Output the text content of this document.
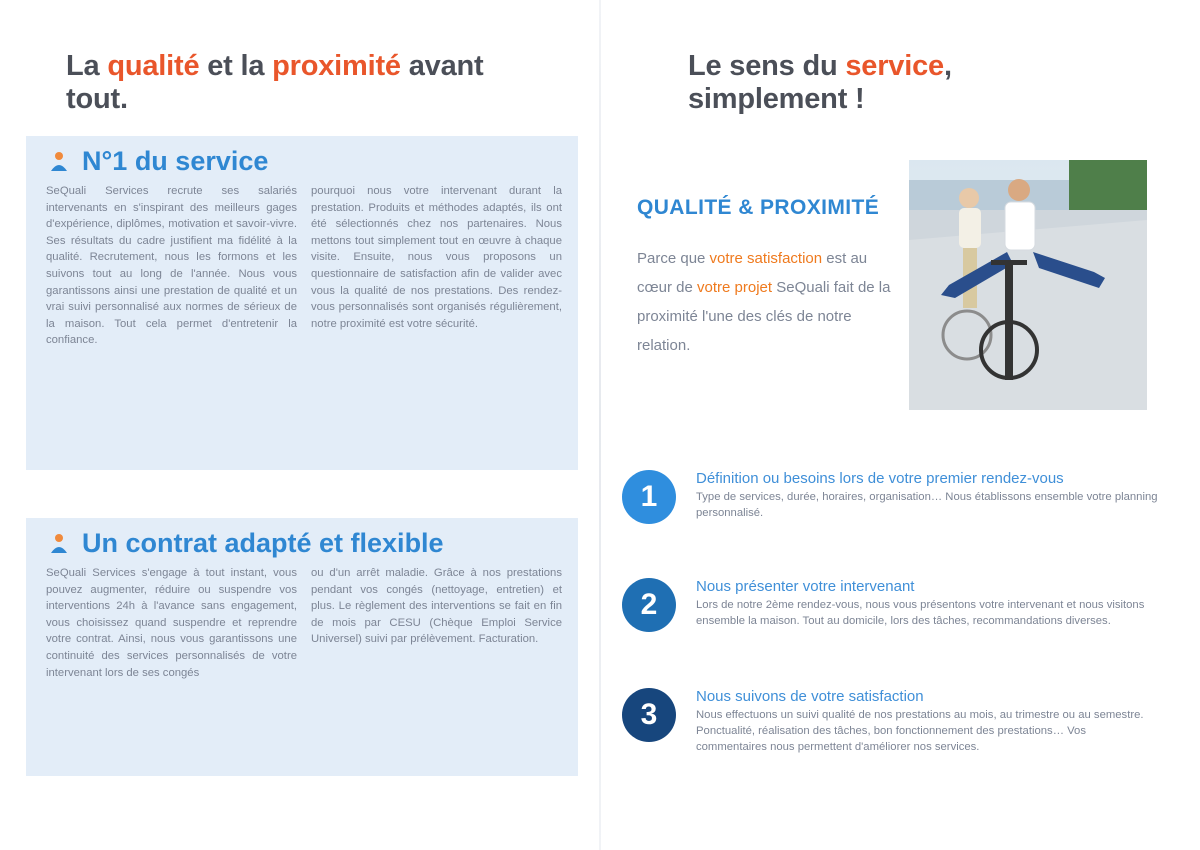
La qualité et la proximité avant tout.
N°1 du service

SeQuali Services recrute ses salariés intervenants en s'inspirant des meilleurs gages d'expérience, diplômes, motivation et savoir-vivre. Ses résultats du cadre justifient ma fidélité à la qualité. Recrutement, nous les formons et les suivons tout au long de l'année. Nous vous garantissons ainsi une prestation de qualité et un vrai suivi personnalisé aux normes de sérieux de la maison. Tout cela permet d'entretenir la confiance.

pourquoi nous votre intervenant durant la prestation. Produits et méthodes adaptés, ils ont été sélectionnés chez nos partenaires. Nous mettons tout simplement tout en œuvre à chaque visite. Ensuite, nous vous proposons un questionnaire de satisfaction afin de valider avec vous la qualité de nos prestations. Des rendez-vous personnalisés sont organisés régulièrement, notre proximité est votre sécurité.

Un contrat adapté et flexible

SeQuali Services s'engage à tout instant, vous pouvez augmenter, réduire ou suspendre vos interventions 24h à l'avance sans engagement, vous choisissez quand suspendre et reprendre votre contrat. Ainsi, nous vous garantissons une continuité des services personnalisés de votre intervenant lors de ses congés

ou d'un arrêt maladie. Grâce à nos prestations pendant vos congés (nettoyage, entretien) et plus. Le règlement des interventions se fait en fin de mois par CESU (Chèque Emploi Service Universel) suivi par prélèvement. Facturation.

Le sens du service, simplement !
QUALITÉ & PROXIMITÉ

Parce que votre satisfaction est au cœur de votre projet SeQuali fait de la proximité l'une des clés de notre relation.

1
Définition ou besoins lors de votre premier rendez-vous
Type de services, durée, horaires, organisation… Nous établissons ensemble votre planning personnalisé.
2
Nous présenter votre intervenant
Lors de notre 2ème rendez-vous, nous vous présentons votre intervenant et nous visitons ensemble la maison. Tout au domicile, lors des tâches, recommandations diverses.
3
Nous suivons de votre satisfaction
Nous effectuons un suivi qualité de nos prestations au mois, au trimestre ou au semestre. Ponctualité, réalisation des tâches, bon fonctionnement des prestations… Vos commentaires nous permettent d'améliorer nos services.
